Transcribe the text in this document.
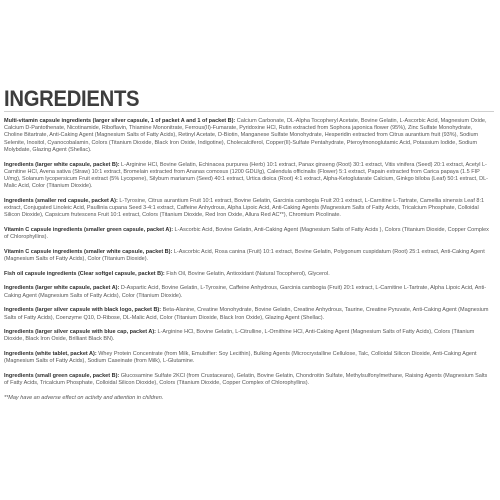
INGREDIENTS

Multi-vitamin capsule ingredients (larger silver capsule, 1 of packet A and 1 of packet B): Calcium Carbonate, DL-Alpha Tocopheryl Acetate, Bovine Gelatin, L-Ascorbic Acid, Magnesium Oxide, Calcium D-Pantothenate, Nicotinamide, Riboflavin, Thiamine Mononitrate, Ferrous(II)-Fumarate, Pyridoxine HCl, Rutin extracted from Sophora japonica flower (95%), Zinc Sulfate Monohydrate, Choline Bitartrate, Anti-Caking Agent (Magnesium Salts of Fatty Acids), Retinyl Acetate, D-Biotin, Manganese Sulfate Monohydrate, Hesperidin extracted from Citrus aurantium fruit (93%), Sodium Selenite, Inositol, Cyanocobalamin, Colors (Titanium Dioxide, Black Iron Oxide, Indigotine), Cholecalciferol, Copper(II)-Sulfate Pentahydrate, Pteroylmonoglutamic Acid, Potassium Iodide, Sodium Molybdate, Glazing Agent (Shellac).

Ingredients (larger white capsule, packet B): L-Arginine HCl, Bovine Gelatin, Echinacea purpurea (Herb) 10:1 extract, Panax ginseng (Root) 30:1 extract, Vitis vinifera (Seed) 20:1 extract, Acetyl L-Carnitine HCl, Avena sativa (Straw) 10:1 extract, Bromelain extracted from Ananas comosus (1200 GDU/g), Calendula officinalis (Flower) 5:1 extract, Papain extracted from Carica papaya (1.5 FIP U/mg), Solanum lycopersicum Fruit extract (5% Lycopene), Silybum marianum (Seed) 40:1 extract, Urtica dioica (Root) 4:1 extract, Alpha-Ketoglutarate Calcium, Ginkgo biloba (Leaf) 50:1 extract, DL-Malic Acid, Color (Titanium Dioxide).

Ingredients (smaller red capsule, packet A): L-Tyrosine, Citrus aurantium Fruit 10:1 extract, Bovine Gelatin, Garcinia cambogia Fruit 20:1 extract, L-Carnitine L-Tartrate, Camellia sinensis Leaf 8:1 extract, Conjugated Linoleic Acid, Paullinia cupana Seed 3-4:1 extract, Caffeine Anhydrous, Alpha Lipoic Acid, Anti-Caking Agents (Magnesium Salts of Fatty Acids, Tricalcium Phosphate, Colloidal Silicon Dioxide), Capsicum frutescens Fruit 10:1 extract, Colors (Titanium Dioxide, Red Iron Oxide, Allura Red AC**), Chromium Picolinate.

Vitamin C capsule ingredients (smaller green capsule, packet A): L-Ascorbic Acid, Bovine Gelatin, Anti-Caking Agent (Magnesium Salts of Fatty Acids ), Colors (Titanium Dioxide, Copper Complex of Chlorophyllins).

Vitamin C capsule ingredients (smaller white capsule, packet B): L-Ascorbic Acid, Rosa canina (Fruit) 10:1 extract, Bovine Gelatin, Polygonum cuspidatum (Root) 25:1 extract, Anti-Caking Agent (Magnesium Salts of Fatty Acids), Color (Titanium Dioxide).

Fish oil capsule ingredients (Clear softgel capsule, packet B): Fish Oil, Bovine Gelatin, Antioxidant (Natural Tocopherol), Glycerol.

Ingredients (larger white capsule, packet A): D-Aspartic Acid, Bovine Gelatin, L-Tyrosine, Caffeine Anhydrous, Garcinia cambogia (Fruit) 20:1 extract, L-Carnitine L-Tartrate, Alpha Lipoic Acid, Anti-Caking Agent (Magnesium Salts of Fatty Acids), Color (Titanium Dioxide).

Ingredients (larger silver capsule with black logo, packet B): Beta-Alanine, Creatine Monohydrate, Bovine Gelatin, Creatine Anhydrous, Taurine, Creatine Pyruvate, Anti-Caking Agent (Magnesium Salts of Fatty Acids), Coenzyme Q10, D-Ribose, DL-Malic Acid, Color (Titanium Dioxide, Black Iron Oxide), Glazing Agent (Shellac).

Ingredients (larger silver capsule with blue cap, packet A): L-Arginine HCl, Bovine Gelatin, L-Citrulline, L-Ornithine HCl, Anti-Caking Agent (Magnesium Salts of Fatty Acids), Colors (Titanium Dioxide, Black Iron Oxide, Brilliant Black BN).

Ingredients (white tablet, packet A): Whey Protein Concentrate (from Milk, Emulsifier: Soy Lecithin), Bulking Agents (Microcrystalline Cellulose, Talc, Colloidal Silicon Dioxide, Anti-Caking Agent (Magnesium Salts of Fatty Acids), Sodium Caseinate (from Milk), L-Glutamine.

Ingredients (small green capsule, packet B): Glucosamine Sulfate 2KCl (from Crustaceans), Gelatin, Bovine Gelatin, Chondroitin Sulfate, Methylsulfonylmethane, Raising Agents (Magnesium Salts of Fatty Acids, Tricalcium Phosphate, Colloidal Silicon Dioxide), Colors (Titanium Dioxide, Copper Complex of Chlorophyllins).

**May have an adverse effect on activity and attention in children.
